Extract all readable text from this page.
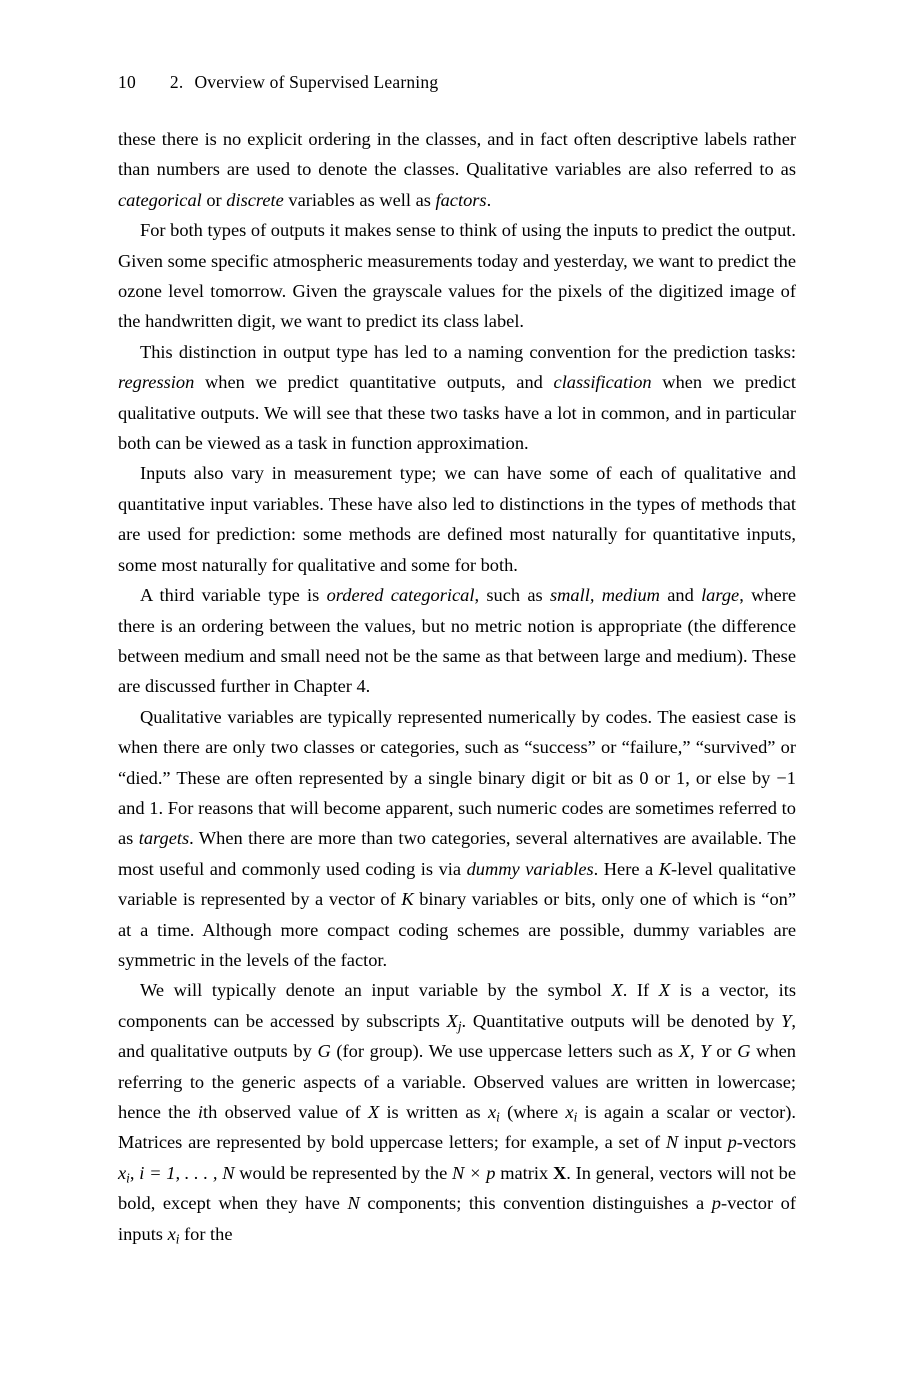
10 2. Overview of Supervised Learning

these there is no explicit ordering in the classes, and in fact often descriptive labels rather than numbers are used to denote the classes. Qualitative variables are also referred to as categorical or discrete variables as well as factors.

For both types of outputs it makes sense to think of using the inputs to predict the output. Given some specific atmospheric measurements today and yesterday, we want to predict the ozone level tomorrow. Given the grayscale values for the pixels of the digitized image of the handwritten digit, we want to predict its class label.

This distinction in output type has led to a naming convention for the prediction tasks: regression when we predict quantitative outputs, and classification when we predict qualitative outputs. We will see that these two tasks have a lot in common, and in particular both can be viewed as a task in function approximation.

Inputs also vary in measurement type; we can have some of each of qualitative and quantitative input variables. These have also led to distinctions in the types of methods that are used for prediction: some methods are defined most naturally for quantitative inputs, some most naturally for qualitative and some for both.

A third variable type is ordered categorical, such as small, medium and large, where there is an ordering between the values, but no metric notion is appropriate (the difference between medium and small need not be the same as that between large and medium). These are discussed further in Chapter 4.

Qualitative variables are typically represented numerically by codes. The easiest case is when there are only two classes or categories, such as “success” or “failure,” “survived” or “died.” These are often represented by a single binary digit or bit as 0 or 1, or else by −1 and 1. For reasons that will become apparent, such numeric codes are sometimes referred to as targets. When there are more than two categories, several alternatives are available. The most useful and commonly used coding is via dummy variables. Here a K-level qualitative variable is represented by a vector of K binary variables or bits, only one of which is “on” at a time. Although more compact coding schemes are possible, dummy variables are symmetric in the levels of the factor.

We will typically denote an input variable by the symbol X. If X is a vector, its components can be accessed by subscripts $X_j$. Quantitative outputs will be denoted by Y, and qualitative outputs by G (for group). We use uppercase letters such as X, Y or G when referring to the generic aspects of a variable. Observed values are written in lowercase; hence the ith observed value of X is written as $x_i$ (where $x_i$ is again a scalar or vector). Matrices are represented by bold uppercase letters; for example, a set of N input p-vectors $x_i$, i = 1, . . . , N would be represented by the N × p matrix X. In general, vectors will not be bold, except when they have N components; this convention distinguishes a p-vector of inputs $x_i$ for the
